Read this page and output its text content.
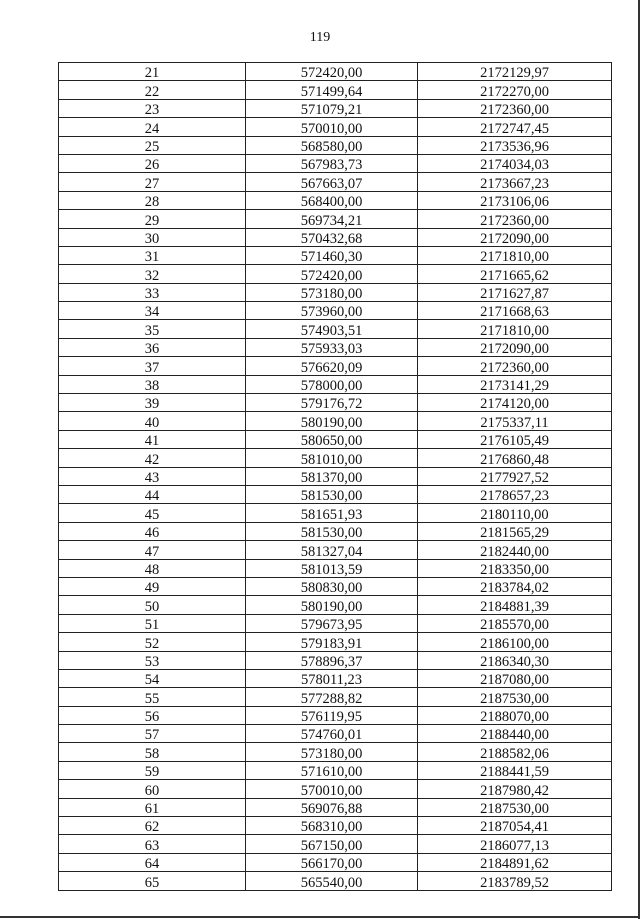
119
21	572420,00	2172129,97
22	571499,64	2172270,00
23	571079,21	2172360,00
24	570010,00	2172747,45
25	568580,00	2173536,96
26	567983,73	2174034,03
27	567663,07	2173667,23
28	568400,00	2173106,06
29	569734,21	2172360,00
30	570432,68	2172090,00
31	571460,30	2171810,00
32	572420,00	2171665,62
33	573180,00	2171627,87
34	573960,00	2171668,63
35	574903,51	2171810,00
36	575933,03	2172090,00
37	576620,09	2172360,00
38	578000,00	2173141,29
39	579176,72	2174120,00
40	580190,00	2175337,11
41	580650,00	2176105,49
42	581010,00	2176860,48
43	581370,00	2177927,52
44	581530,00	2178657,23
45	581651,93	2180110,00
46	581530,00	2181565,29
47	581327,04	2182440,00
48	581013,59	2183350,00
49	580830,00	2183784,02
50	580190,00	2184881,39
51	579673,95	2185570,00
52	579183,91	2186100,00
53	578896,37	2186340,30
54	578011,23	2187080,00
55	577288,82	2187530,00
56	576119,95	2188070,00
57	574760,01	2188440,00
58	573180,00	2188582,06
59	571610,00	2188441,59
60	570010,00	2187980,42
61	569076,88	2187530,00
62	568310,00	2187054,41
63	567150,00	2186077,13
64	566170,00	2184891,62
65	565540,00	2183789,52
